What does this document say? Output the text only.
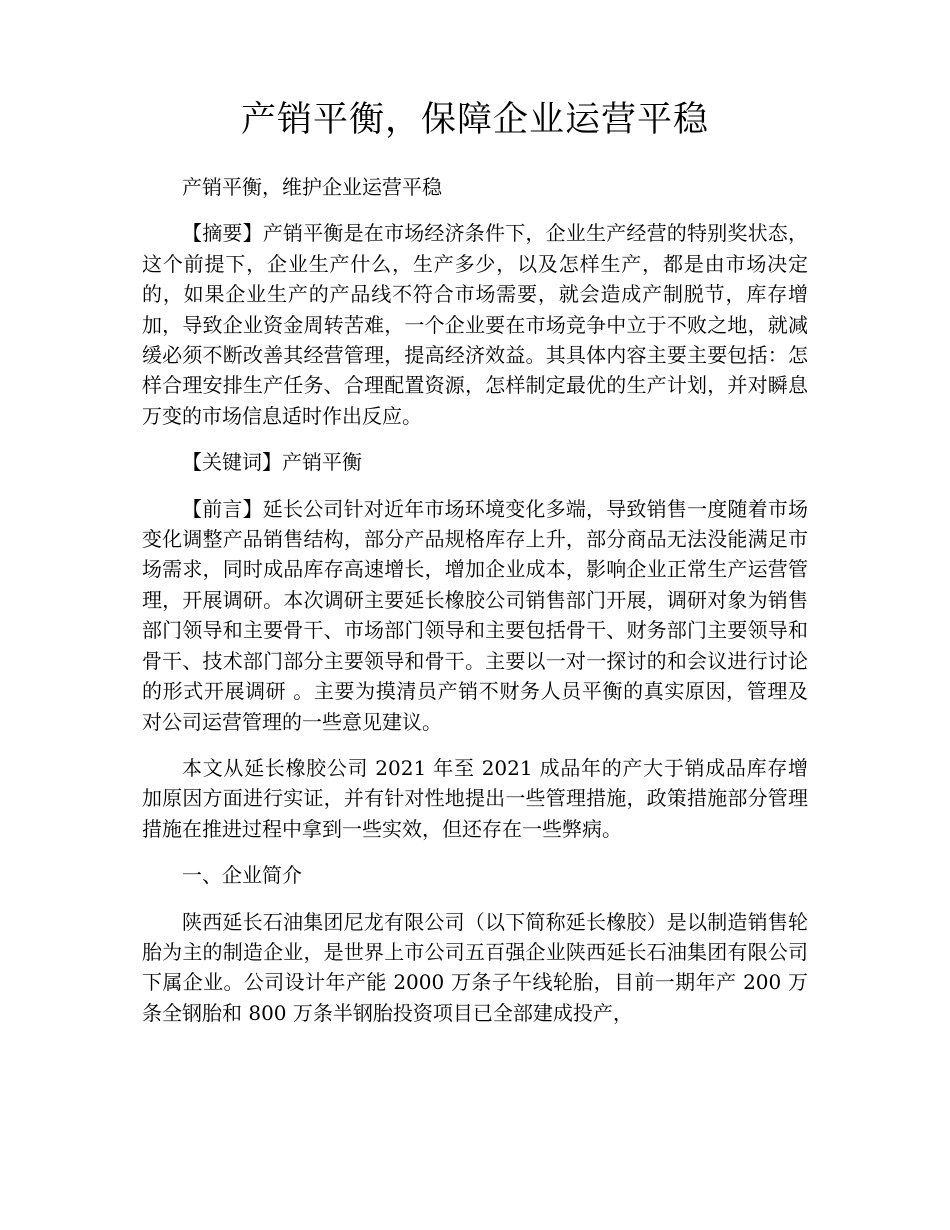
产销平衡，保障企业运营平稳

产销平衡，维护企业运营平稳

【摘要】产销平衡是在市场经济条件下，企业生产经营的特别奖状态，这个前提下，企业生产什么，生产多少，以及怎样生产，都是由市场决定的，如果企业生产的产品线不符合市场需要，就会造成产制脱节，库存增加，导致企业资金周转苦难，一个企业要在市场竞争中立于不败之地，就减缓必须不断改善其经营管理，提高经济效益。其具体内容主要主要包括：怎样合理安排生产任务、合理配置资源，怎样制定最优的生产计划，并对瞬息万变的市场信息适时作出反应。

【关键词】产销平衡

【前言】延长公司针对近年市场环境变化多端，导致销售一度随着市场变化调整产品销售结构，部分产品规格库存上升，部分商品无法没能满足市场需求，同时成品库存高速增长，增加企业成本，影响企业正常生产运营管理，开展调研。本次调研主要延长橡胶公司销售部门开展，调研对象为销售部门领导和主要骨干、市场部门领导和主要包括骨干、财务部门主要领导和骨干、技术部门部分主要领导和骨干。主要以一对一探讨的和会议进行讨论的形式开展调研 。主要为摸清员产销不财务人员平衡的真实原因，管理及对公司运营管理的一些意见建议。

本文从延长橡胶公司 2021 年至 2021 成品年的产大于销成品库存增加原因方面进行实证，并有针对性地提出一些管理措施，政策措施部分管理措施在推进过程中拿到一些实效，但还存在一些弊病。

一、企业简介

陕西延长石油集团尼龙有限公司（以下简称延长橡胶）是以制造销售轮胎为主的制造企业，是世界上市公司五百强企业陕西延长石油集团有限公司下属企业。公司设计年产能 2000 万条子午线轮胎，目前一期年产 200 万条全钢胎和 800 万条半钢胎投资项目已全部建成投产，
